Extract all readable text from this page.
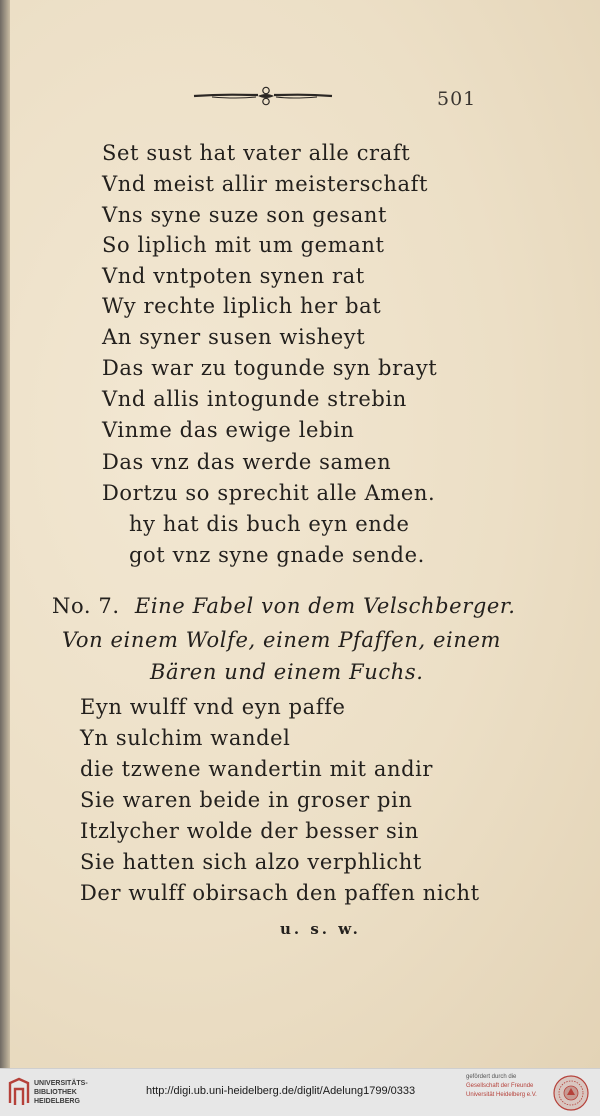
501
Set sust hat vater alle craft
Vnd meist allir meisterschaft
Vns syne suze son gesant
So liplich mit um gemant
Vnd vntpoten synen rat
Wy rechte liplich her bat
An syner susen wisheyt
Das war zu togunde syn brayt
Vnd allis intogunde strebin
Vinme das ewige lebin
Das vnz das werde samen
Dortzu so sprechit alle Amen.
hy hat dis buch eyn ende
got vnz syne gnade sende.
No. 7. Eine Fabel von dem Velschberger.
Von einem Wolfe, einem Pfaffen, einem
Bären und einem Fuchs.
Eyn wulff vnd eyn paffe
Yn sulchim wandel
die tzwene wandertin mit andir
Sie waren beide in groser pin
Itzlycher wolde der besser sin
Sie hatten sich alzo verphlicht
Der wulff obirsach den paffen nicht
u. s. w.
UNIVERSITÄTS-
BIBLIOTHEK
HEIDELBERG
http://digi.ub.uni-heidelberg.de/diglit/Adelung1799/0333
gefördert durch die
Gesellschaft der Freunde
Universität Heidelberg e.V.
